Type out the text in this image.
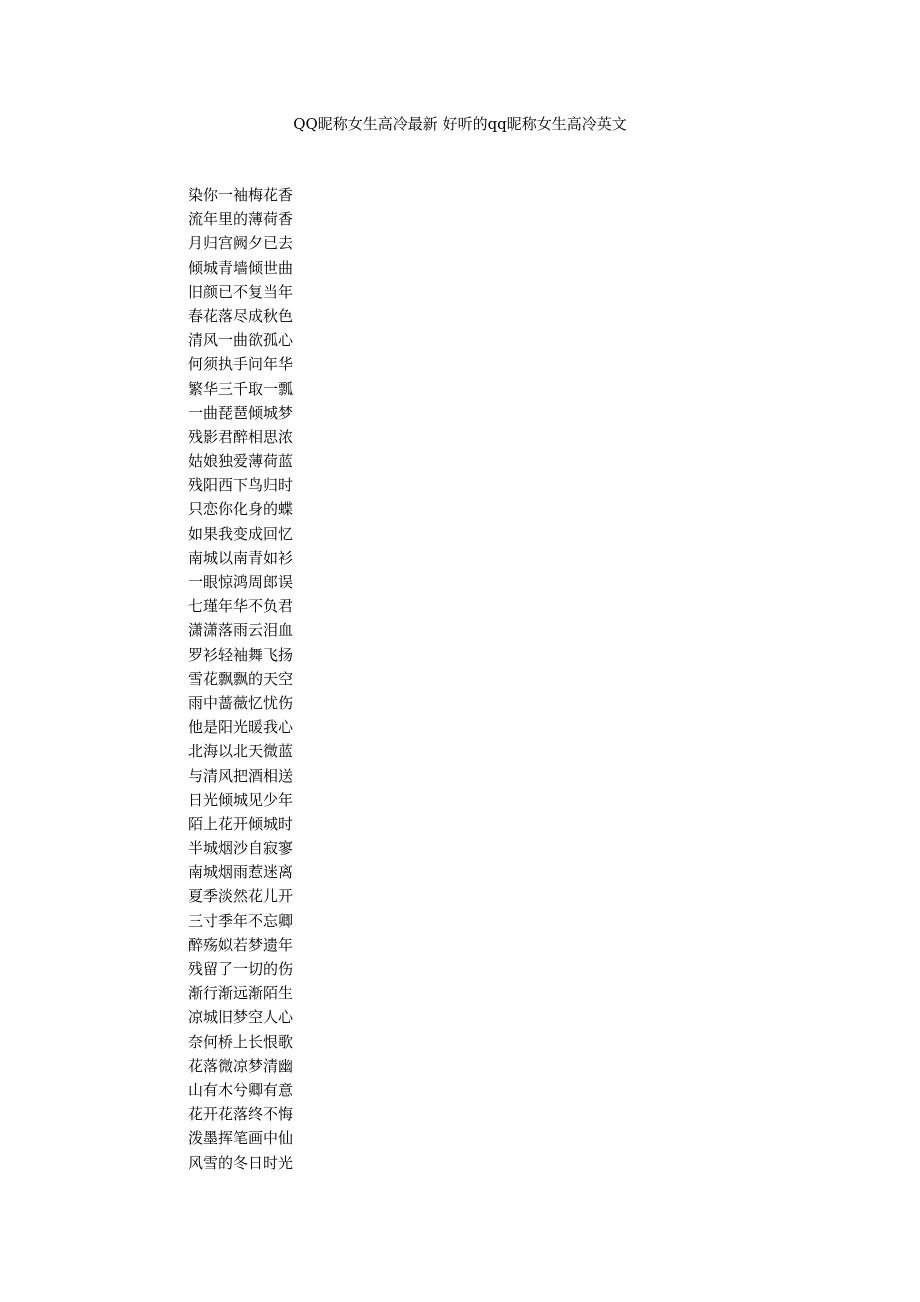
QQ昵称女生高冷最新 好听的qq昵称女生高冷英文
染你一袖梅花香
流年里的薄荷香
月归宫阙夕已去
倾城青墙倾世曲
旧颜已不复当年
春花落尽成秋色
清风一曲欲孤心
何须执手问年华
繁华三千取一瓢
一曲琵琶倾城梦
残影君醉相思浓
姑娘独爱薄荷蓝
残阳西下鸟归时
只恋你化身的蝶
如果我变成回忆
南城以南青如衫
一眼惊鸿周郎误
七瑾年华不负君
潇潇落雨云泪血
罗衫轻袖舞飞扬
雪花飘飘的天空
雨中蔷薇忆忧伤
他是阳光暖我心
北海以北天微蓝
与清风把酒相送
日光倾城见少年
陌上花开倾城时
半城烟沙自寂寥
南城烟雨惹迷离
夏季淡然花儿开
三寸季年不忘卿
醉殇姒若梦遗年
残留了一切的伤
渐行渐远渐陌生
凉城旧梦空人心
奈何桥上长恨歌
花落微凉梦清幽
山有木兮卿有意
花开花落终不悔
泼墨挥笔画中仙
风雪的冬日时光
